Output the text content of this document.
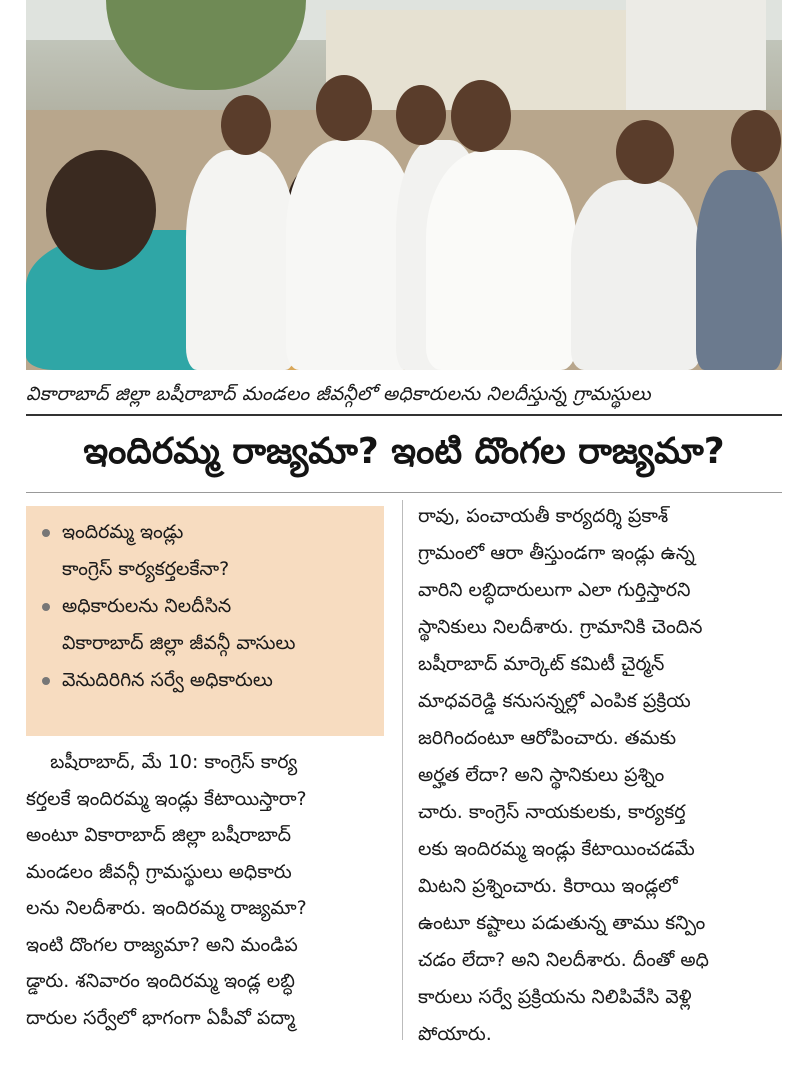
వికారాబాద్ జిల్లా బషీరాబాద్ మండలం జీవన్గీలో అధికారులను నిలదీస్తున్న గ్రామస్థులు
ఇందిరమ్మ రాజ్యమా? ఇంటి దొంగల రాజ్యమా?
ఇందిరమ్మ ఇండ్లు
కాంగ్రెస్ కార్యకర్తలకేనా?
అధికారులను నిలదీసిన
వికారాబాద్ జిల్లా జీవన్గీ వాసులు
వెనుదిరిగిన సర్వే అధికారులు
బషీరాబాద్, మే 10: కాంగ్రెస్ కార్య
కర్తలకే ఇందిరమ్మ ఇండ్లు కేటాయిస్తారా?
అంటూ వికారాబాద్ జిల్లా బషీరాబాద్
మండలం జీవన్గీ గ్రామస్థులు అధికారు
లను నిలదీశారు. ఇందిరమ్మ రాజ్యమా?
ఇంటి దొంగల రాజ్యమా? అని మండిప
డ్డారు. శనివారం ఇందిరమ్మ ఇండ్ల లబ్ధి
దారుల సర్వేలో భాగంగా ఏపీవో పద్మా
రావు, పంచాయతీ కార్యదర్శి ప్రకాశ్
గ్రామంలో ఆరా తీస్తుండగా ఇండ్లు ఉన్న
వారిని లబ్ధిదారులుగా ఎలా గుర్తిస్తారని
స్థానికులు నిలదీశారు. గ్రామానికి చెందిన
బషీరాబాద్ మార్కెట్ కమిటీ చైర్మన్
మాధవరెడ్డి కనుసన్నల్లో ఎంపిక ప్రక్రియ
జరిగిందంటూ ఆరోపించారు. తమకు
అర్హత లేదా? అని స్థానికులు ప్రశ్నిం
చారు. కాంగ్రెస్ నాయకులకు, కార్యకర్త
లకు ఇందిరమ్మ ఇండ్లు కేటాయించడమే
మిటని ప్రశ్నించారు. కిరాయి ఇండ్లలో
ఉంటూ కష్టాలు పడుతున్న తాము కన్పిం
చడం లేదా? అని నిలదీశారు. దీంతో అధి
కారులు సర్వే ప్రక్రియను నిలిపివేసి వెళ్లి
పోయారు.
